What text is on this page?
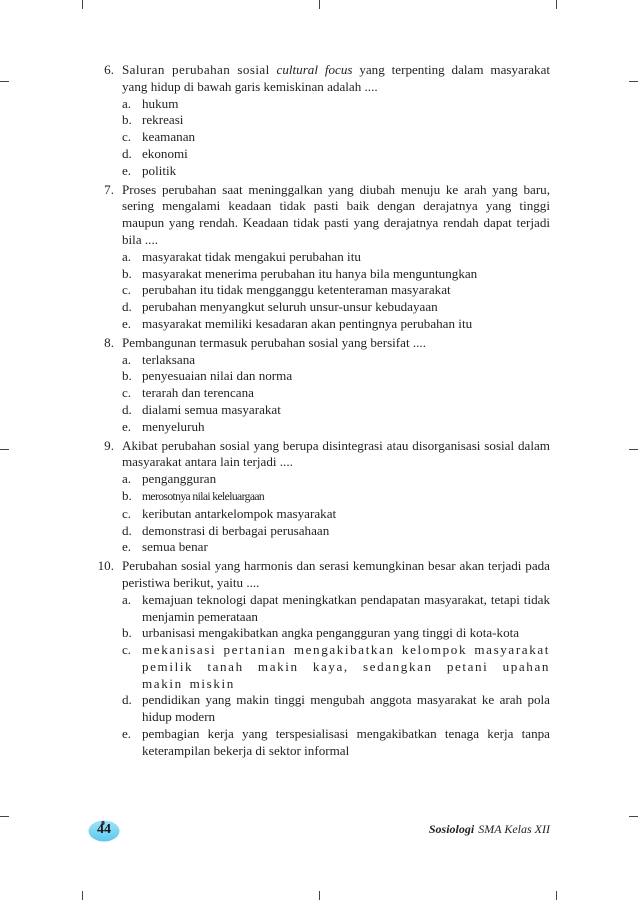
6. Saluran perubahan sosial cultural focus yang terpenting dalam masyarakat yang hidup di bawah garis kemiskinan adalah ....
a. hukum
b. rekreasi
c. keamanan
d. ekonomi
e. politik
7. Proses perubahan saat meninggalkan yang diubah menuju ke arah yang baru, sering mengalami keadaan tidak pasti baik dengan derajatnya yang tinggi maupun yang rendah. Keadaan tidak pasti yang derajatnya rendah dapat terjadi bila ....
a. masyarakat tidak mengakui perubahan itu
b. masyarakat menerima perubahan itu hanya bila menguntungkan
c. perubahan itu tidak mengganggu ketenteraman masyarakat
d. perubahan menyangkut seluruh unsur-unsur kebudayaan
e. masyarakat memiliki kesadaran akan pentingnya perubahan itu
8. Pembangunan termasuk perubahan sosial yang bersifat ....
a. terlaksana
b. penyesuaian nilai dan norma
c. terarah dan terencana
d. dialami semua masyarakat
e. menyeluruh
9. Akibat perubahan sosial yang berupa disintegrasi atau disorganisasi sosial dalam masyarakat antara lain terjadi ....
a. pengangguran
b. merosotnya nilai keleluargaan
c. keributan antarkelompok masyarakat
d. demonstrasi di berbagai perusahaan
e. semua benar
10. Perubahan sosial yang harmonis dan serasi kemungkinan besar akan terjadi pada peristiwa berikut, yaitu ....
a. kemajuan teknologi dapat meningkatkan pendapatan masyarakat, tetapi tidak menjamin pemerataan
b. urbanisasi mengakibatkan angka pengangguran yang tinggi di kota-kota
c. mekanisasi pertanian mengakibatkan kelompok masyarakat pemilik tanah makin kaya, sedangkan petani upahan makin miskin
d. pendidikan yang makin tinggi mengubah anggota masyarakat ke arah pola hidup modern
e. pembagian kerja yang terspesialisasi mengakibatkan tenaga kerja tanpa keterampilan bekerja di sektor informal
44	Sosiologi SMA Kelas XII
